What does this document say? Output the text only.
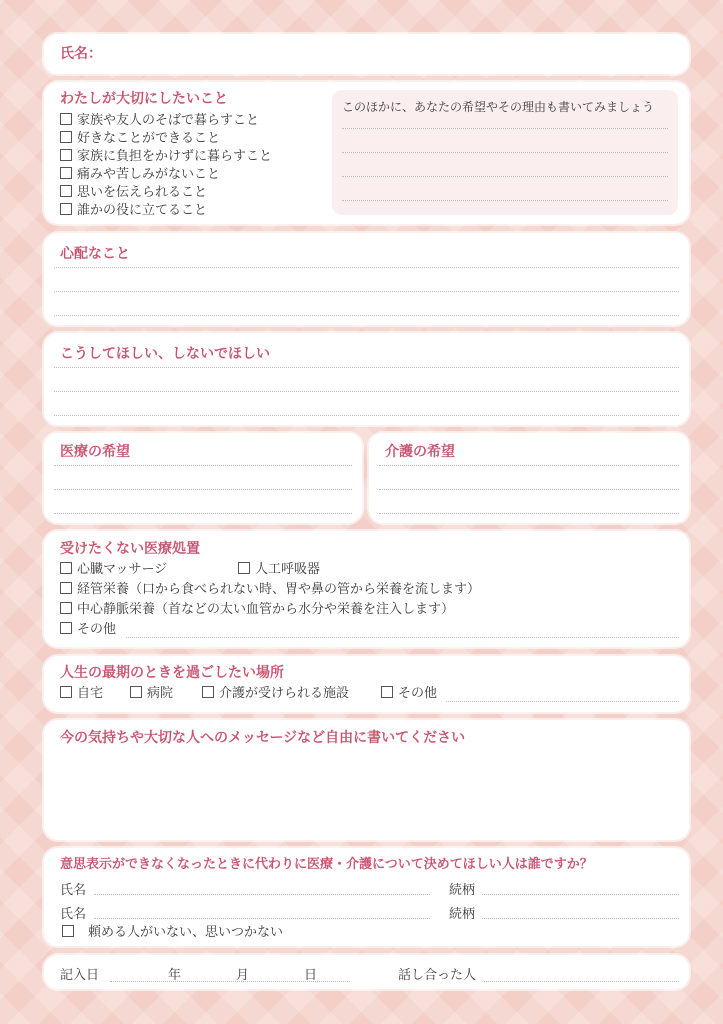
氏名：
わたしが大切にしたいこと
家族や友人のそばで暮らすこと
好きなことができること
家族に負担をかけずに暮らすこと
痛みや苦しみがないこと
思いを伝えられること
誰かの役に立てること
このほかに、あなたの希望やその理由も書いてみましょう
心配なこと
こうしてほしい、しないでほしい
医療の希望	介護の希望
受けたくない医療処置
心臓マッサージ	人工呼吸器
経管栄養（口から食べられない時、胃や鼻の管から栄養を流します）
中心静脈栄養（首などの太い血管から水分や栄養を注入します）
その他
人生の最期のときを過ごしたい場所
自宅	病院	介護が受けられる施設	その他
今の気持ちや大切な人へのメッセージなど自由に書いてください
意思表示ができなくなったときに代わりに医療・介護について決めてほしい人は誰ですか？
氏名	続柄
氏名	続柄
頼める人がいない、思いつかない
記入日	年	月	日	話し合った人
